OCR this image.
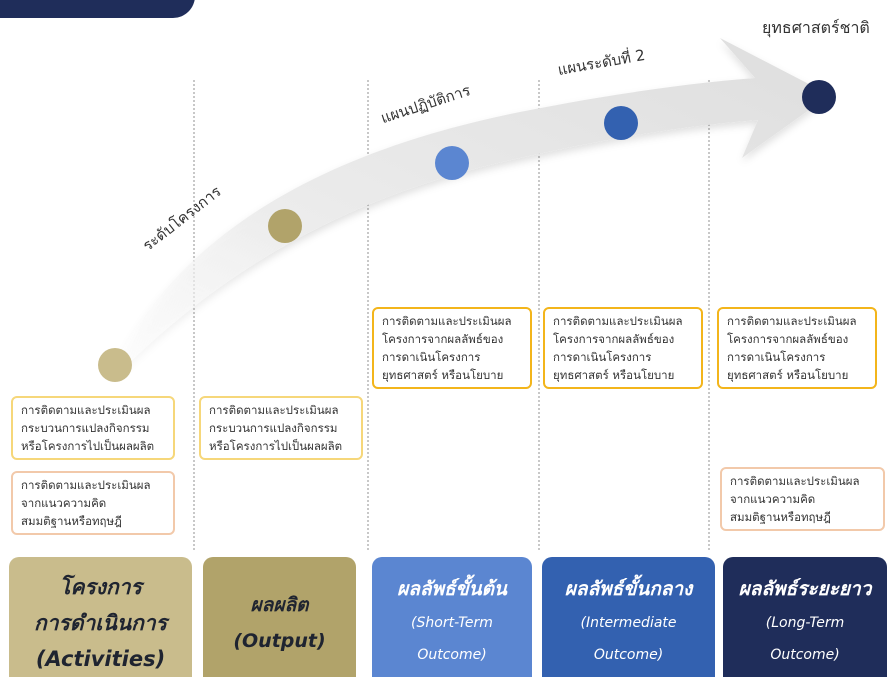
ระดับโครงการ
แผนปฏิบัติการ
แผนระดับที่ 2
ยุทธศาสตร์ชาติ
การติดตามและประเมินผล
กระบวนการแปลงกิจกรรม
หรือโครงการไปเป็นผลผลิต
การติดตามและประเมินผล
จากแนวความคิด
สมมติฐานหรือทฤษฎี
การติดตามและประเมินผล
กระบวนการแปลงกิจกรรม
หรือโครงการไปเป็นผลผลิต
การติดตามและประเมินผล
โครงการจากผลลัพธ์ของ
การดาเนินโครงการ
ยุทธศาสตร์ หรือนโยบาย
การติดตามและประเมินผล
โครงการจากผลลัพธ์ของ
การดาเนินโครงการ
ยุทธศาสตร์ หรือนโยบาย
การติดตามและประเมินผล
โครงการจากผลลัพธ์ของ
การดาเนินโครงการ
ยุทธศาสตร์ หรือนโยบาย
การติดตามและประเมินผล
จากแนวความคิด
สมมติฐานหรือทฤษฎี
โครงการ
การดำเนินการ
(Activities)
ผลผลิต
(Output)
ผลลัพธ์ขั้นต้น
(Short-Term
Outcome)
ผลลัพธ์ขั้นกลาง
(Intermediate
Outcome)
ผลลัพธ์ระยะยาว
(Long-Term
Outcome)
